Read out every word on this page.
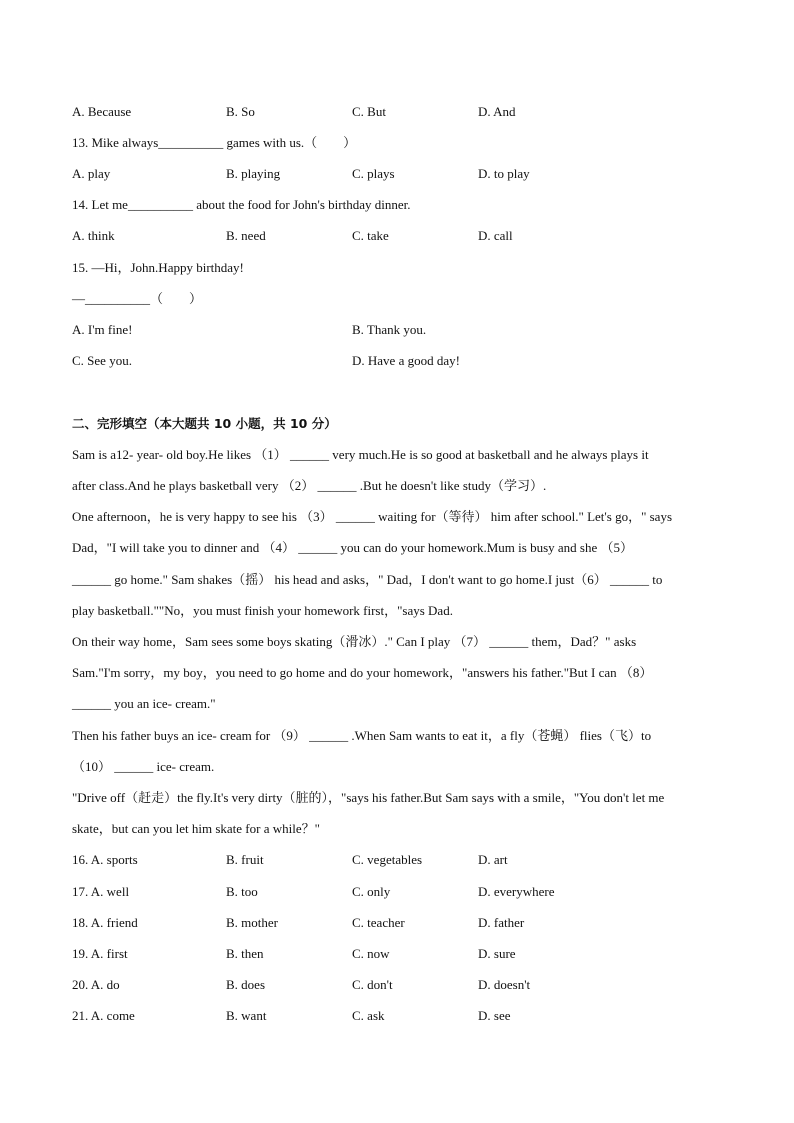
A. Because	B. So	C. But	D. And
13. Mike always__________ games with us.（　　）
A. play	B. playing	C. plays	D. to play
14. Let me__________ about the food for John's birthday dinner.
A. think	B. need	C. take	D. call
15. —Hi，John.Happy birthday!
—__________（　　）
A. I'm fine!	B. Thank you.
C. See you.	D. Have a good day!
二、完形填空（本大题共 10 小题，共 10 分）
Sam is a12- year- old boy.He likes （1） ______ very much.He is so good at basketball and he always plays it
after class.And he plays basketball very （2） ______ .But he doesn't like study（学习）.
One afternoon，he is very happy to see his （3） ______ waiting for（等待） him after school." Let's go，" says
Dad，"I will take you to dinner and （4） ______ you can do your homework.Mum is busy and she （5）
______ go home." Sam shakes（摇） his head and asks，" Dad，I don't want to go home.I just（6） ______ to
play basketball.""No，you must finish your homework first，"says Dad.
On their way home，Sam sees some boys skating（滑冰）." Can I play （7） ______ them，Dad？" asks
Sam."I'm sorry，my boy，you need to go home and do your homework，"answers his father."But I can （8）
______ you an ice- cream."
Then his father buys an ice- cream for （9） ______ .When Sam wants to eat it，a fly（苍蝇） flies（飞）to
（10） ______ ice- cream.
"Drive off（赶走）the fly.It's very dirty（脏的），"says his father.But Sam says with a smile，"You don't let me
skate，but can you let him skate for a while？"
16. A. sports	B. fruit	C. vegetables	D. art
17. A. well	B. too	C. only	D. everywhere
18. A. friend	B. mother	C. teacher	D. father
19. A. first	B. then	C. now	D. sure
20. A. do	B. does	C. don't	D. doesn't
21. A. come	B. want	C. ask	D. see
